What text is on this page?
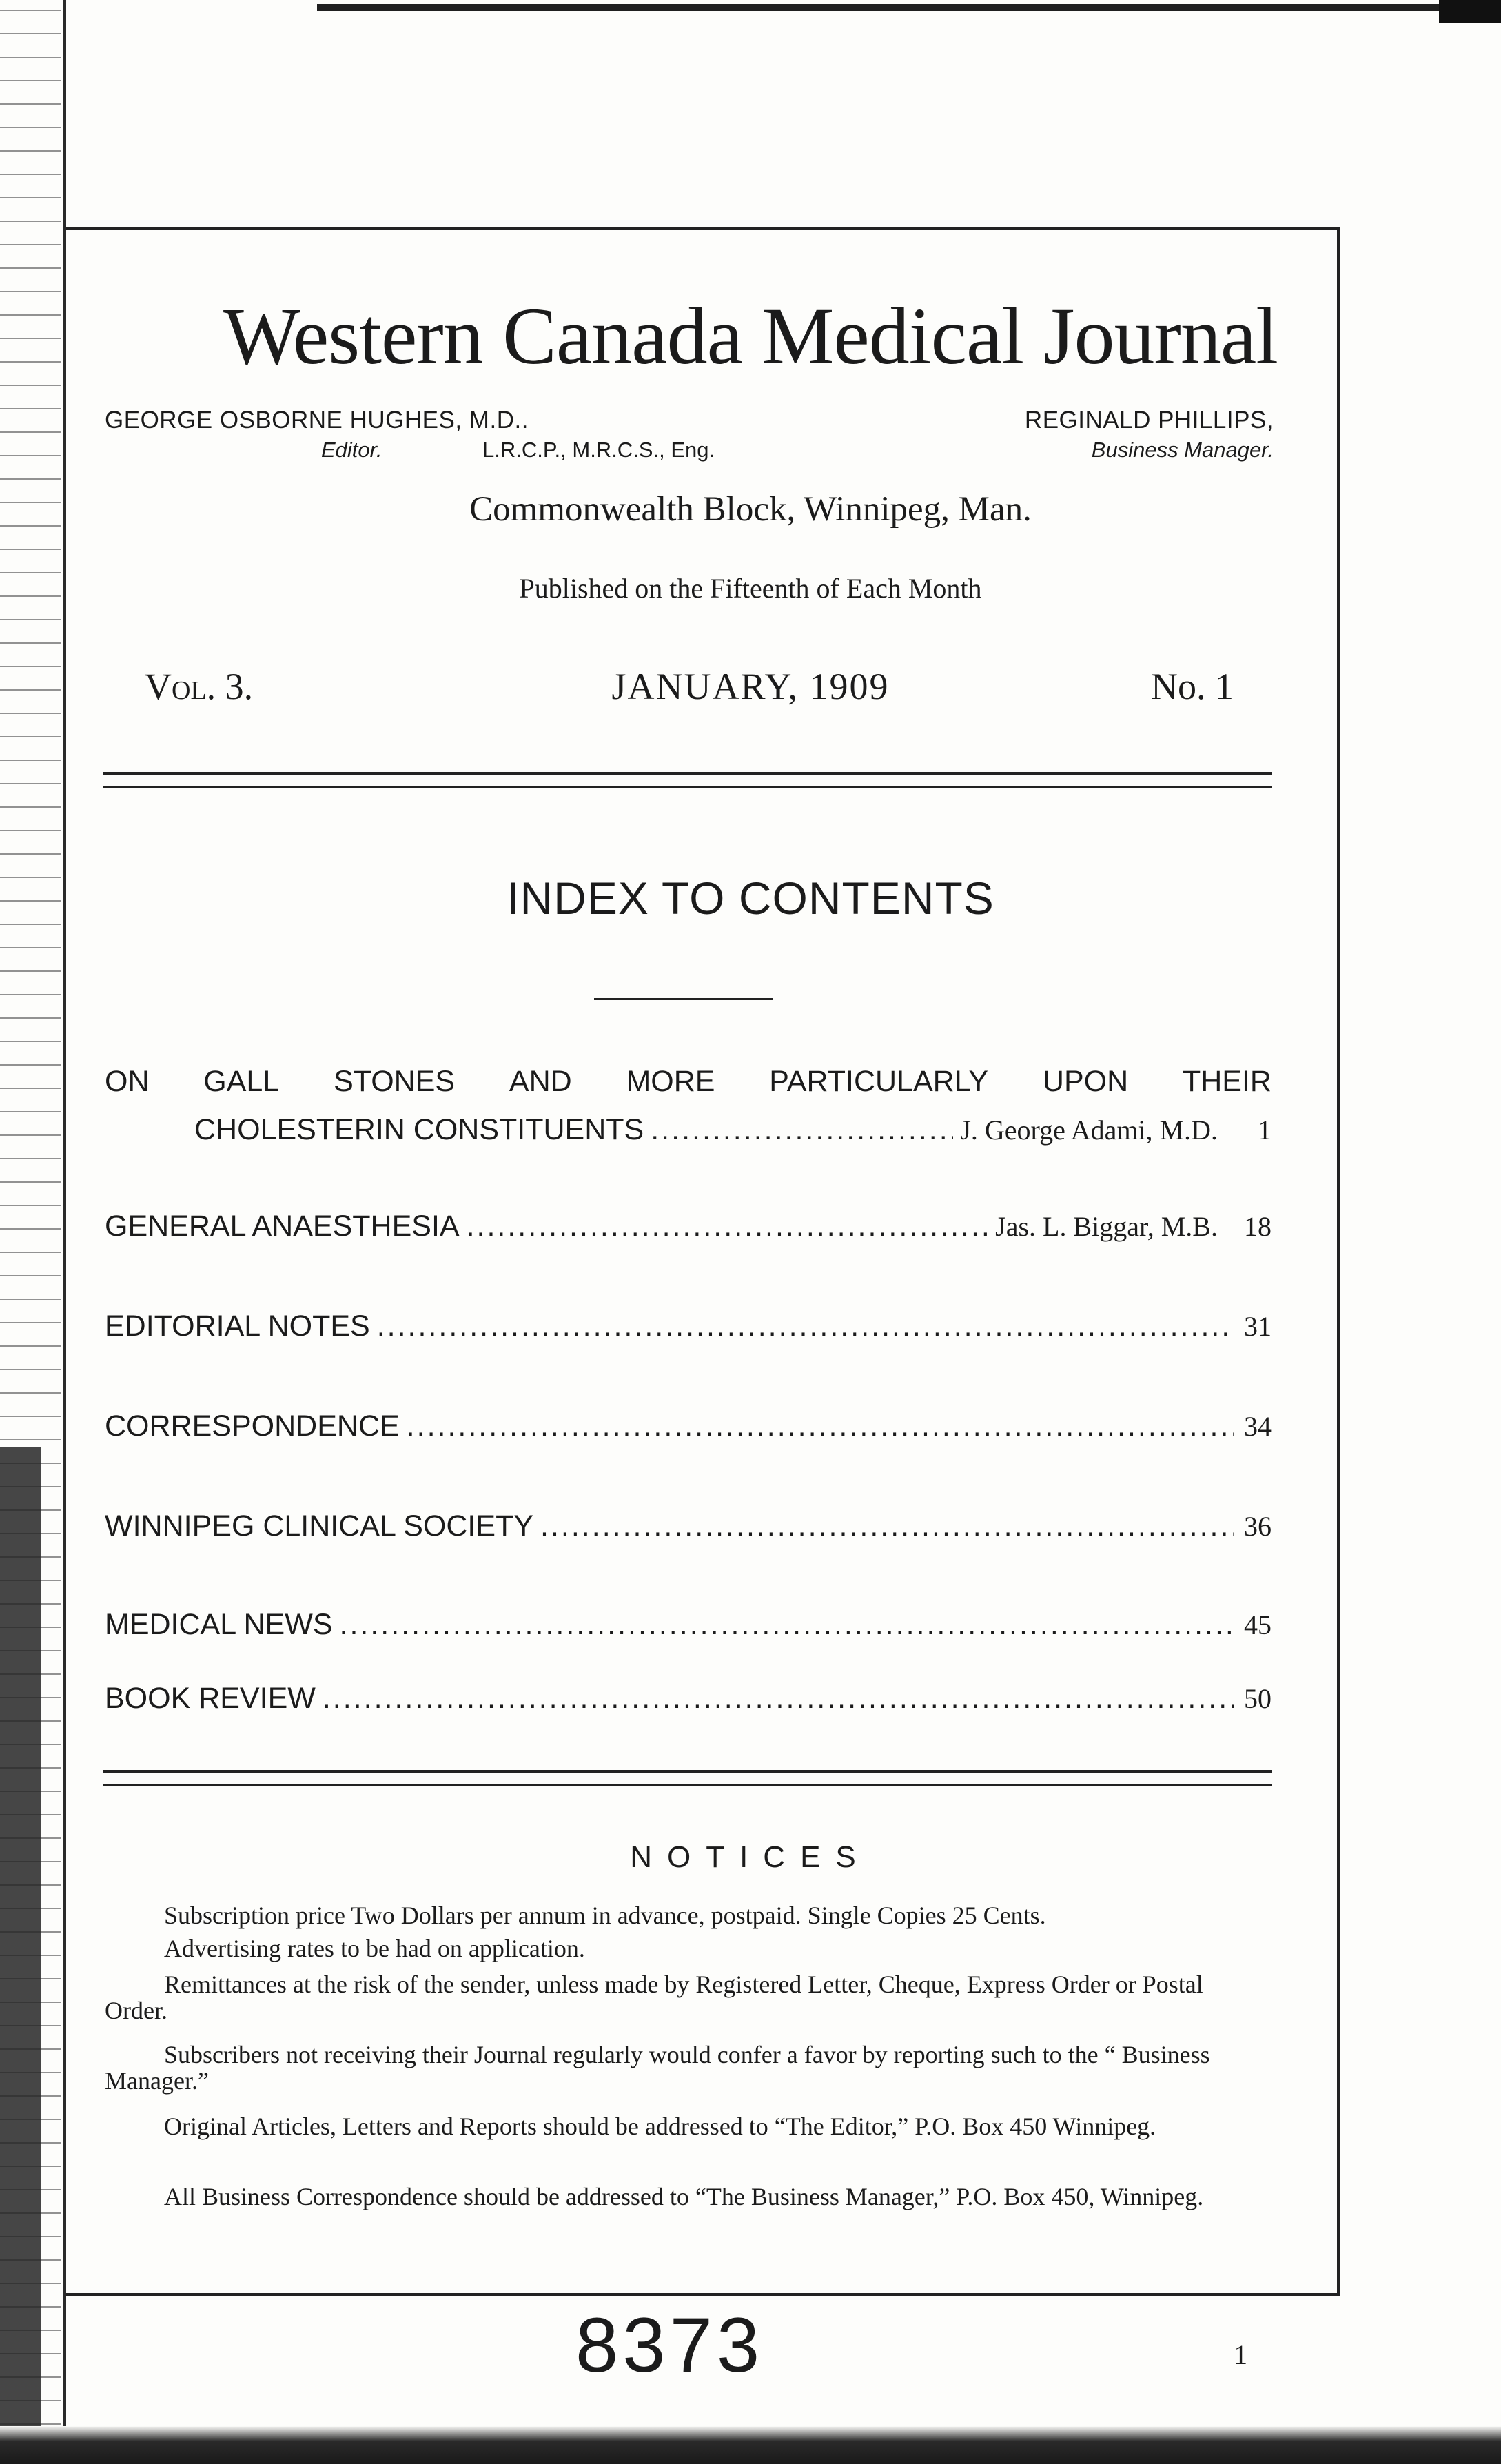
Western Canada Medical Journal
GEORGE OSBORNE HUGHES, M.D..
Editor.	L.R.C.P., M.R.C.S., Eng.
REGINALD PHILLIPS,
Business Manager.
Commonwealth Block, Winnipeg, Man.
Published on the Fifteenth of Each Month
Vol. 3.	JANUARY, 1909	No. 1
INDEX TO CONTENTS
ON GALL STONES AND MORE PARTICULARLY UPON THEIR
CHOLESTERIN CONSTITUENTS .....	J. George Adami, M.D.	1
GENERAL ANAESTHESIA .....	Jas. L. Biggar, M.B. 18
EDITORIAL NOTES .....	31
CORRESPONDENCE .....	34
WINNIPEG CLINICAL SOCIETY .....	36
MEDICAL NEWS .....	45
BOOK REVIEW .....	50
NOTICES

Subscription price Two Dollars per annum in advance, postpaid. Single Copies 25 Cents.

Advertising rates to be had on application.

Remittances at the risk of the sender, unless made by Registered Letter, Cheque, Express Order or Postal Order.

Subscribers not receiving their Journal regularly would confer a favor by reporting such to the “ Business Manager.”

Original Articles, Letters and Reports should be addressed to “The Editor,” P.O. Box 450 Winnipeg.

All Business Correspondence should be addressed to “The Business Manager,” P.O. Box 450, Winnipeg.

8373	1
